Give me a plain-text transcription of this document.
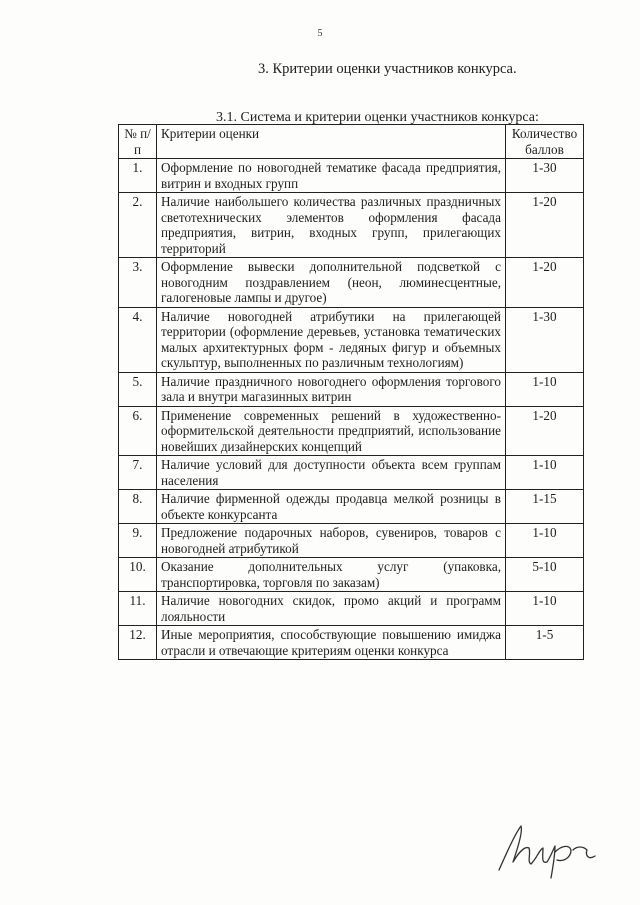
5
3. Критерии оценки участников конкурса.
3.1. Система и критерии оценки участников конкурса:
№ п/п	Критерии оценки	Количество баллов
1.	Оформление по новогодней тематике фасада предприятия, витрин и входных групп	1-30
2.	Наличие наибольшего количества различных праздничных светотехнических элементов оформления фасада предприятия, витрин, входных групп, прилегающих территорий	1-20
3.	Оформление вывески дополнительной подсветкой с новогодним поздравлением (неон, люминесцентные, галогеновые лампы и другое)	1-20
4.	Наличие новогодней атрибутики на прилегающей территории (оформление деревьев, установка тематических малых архитектурных форм - ледяных фигур и объемных скульптур, выполненных по различным технологиям)	1-30
5.	Наличие праздничного новогоднего оформления торгового зала и внутри магазинных витрин	1-10
6.	Применение современных решений в художественно-оформительской деятельности предприятий, использование новейших дизайнерских концепций	1-20
7.	Наличие условий для доступности объекта всем группам населения	1-10
8.	Наличие фирменной одежды продавца мелкой розницы в объекте конкурсанта	1-15
9.	Предложение подарочных наборов, сувениров, товаров с новогодней атрибутикой	1-10
10.	Оказание дополнительных услуг (упаковка, транспортировка, торговля по заказам)	5-10
11.	Наличие новогодних скидок, промо акций и программ лояльности	1-10
12.	Иные мероприятия, способствующие повышению имиджа отрасли и отвечающие критериям оценки конкурса	1-5
